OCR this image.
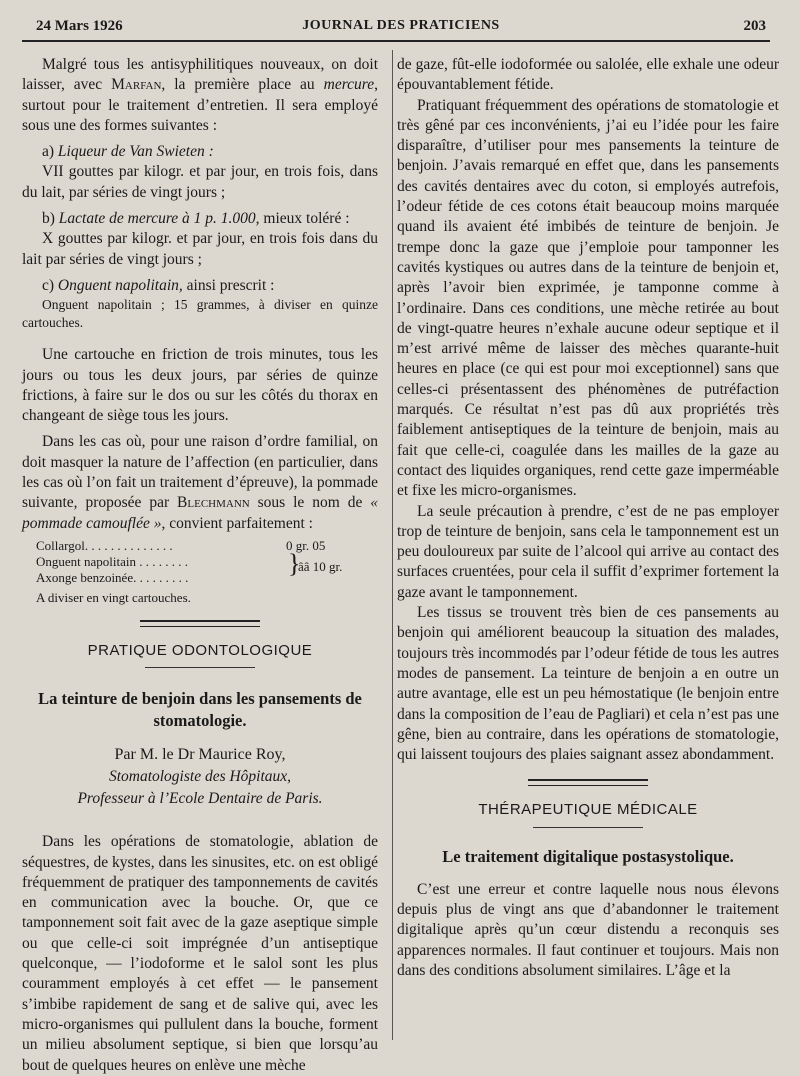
24 Mars 1926	JOURNAL DES PRATICIENS	203

Malgré tous les antisyphilitiques nouveaux, on doit laisser, avec Marfan, la première place au mercure, surtout pour le traitement d’entretien. Il sera employé sous une des formes suivantes :

a) Liqueur de Van Swieten :

VII gouttes par kilogr. et par jour, en trois fois, dans du lait, par séries de vingt jours ;

b) Lactate de mercure à 1 p. 1.000, mieux toléré :

X gouttes par kilogr. et par jour, en trois fois dans du lait par séries de vingt jours ;

c) Onguent napolitain, ainsi prescrit :

Onguent napolitain ; 15 grammes, à diviser en quinze cartouches.

Une cartouche en friction de trois minutes, tous les jours ou tous les deux jours, par séries de quinze frictions, à faire sur le dos ou sur les côtés du thorax en changeant de siège tous les jours.

Dans les cas où, pour une raison d’ordre familial, on doit masquer la nature de l’affection (en particulier, dans les cas où l’on fait un traitement d’épreuve), la pommade suivante, proposée par Blechmann sous le nom de « pommade camouflée », convient parfaitement :

Collargol. . . . . . . . . . . . . .	0 gr. 05
Onguent napolitain . . . . . . . .
Axonge benzoinée. . . . . . . . .	}
ââ 10 gr.
A diviser en vingt cartouches.
PRATIQUE ODONTOLOGIQUE
La teinture de benjoin dans les pansements de stomatologie.
Par M. le Dr Maurice Roy,
Stomatologiste des Hôpitaux,
Professeur à l’Ecole Dentaire de Paris.

Dans les opérations de stomatologie, ablation de séquestres, de kystes, dans les sinusites, etc. on est obligé fréquemment de pratiquer des tamponnements de cavités en communication avec la bouche. Or, que ce tamponnement soit fait avec de la gaze aseptique simple ou que celle-ci soit imprégnée d’un antiseptique quelconque, — l’iodoforme et le salol sont les plus couramment employés à cet effet — le pansement s’imbibe rapidement de sang et de salive qui, avec les micro-organismes qui pullulent dans la bouche, forment un milieu absolument septique, si bien que lorsqu’au bout de quelques heures on enlève une mèche

de gaze, fût-elle iodoformée ou salolée, elle exhale une odeur épouvantablement fétide.

Pratiquant fréquemment des opérations de stomatologie et très gêné par ces inconvénients, j’ai eu l’idée pour les faire disparaître, d’utiliser pour mes pansements la teinture de benjoin. J’avais remarqué en effet que, dans les pansements des cavités dentaires avec du coton, si employés autrefois, l’odeur fétide de ces cotons était beaucoup moins marquée quand ils avaient été imbibés de teinture de benjoin. Je trempe donc la gaze que j’emploie pour tamponner les cavités kystiques ou autres dans de la teinture de benjoin et, après l’avoir bien exprimée, je tamponne comme à l’ordinaire. Dans ces conditions, une mèche retirée au bout de vingt-quatre heures n’exhale aucune odeur septique et il m’est arrivé même de laisser des mèches quarante-huit heures en place (ce qui est pour moi exceptionnel) sans que celles-ci présentassent des phénomènes de putréfaction marqués. Ce résultat n’est pas dû aux propriétés très faiblement antiseptiques de la teinture de benjoin, mais au fait que celle-ci, coagulée dans les mailles de la gaze au contact des liquides organiques, rend cette gaze imperméable et fixe les micro-organismes.

La seule précaution à prendre, c’est de ne pas employer trop de teinture de benjoin, sans cela le tamponnement est un peu douloureux par suite de l’alcool qui arrive au contact des surfaces cruentées, pour cela il suffit d’exprimer fortement la gaze avant le tamponnement.

Les tissus se trouvent très bien de ces pansements au benjoin qui améliorent beaucoup la situation des malades, toujours très incommodés par l’odeur fétide de tous les autres modes de pansement. La teinture de benjoin a en outre un autre avantage, elle est un peu hémostatique (le benjoin entre dans la composition de l’eau de Pagliari) et cela n’est pas une gêne, bien au contraire, dans les opérations de stomatologie, qui laissent toujours des plaies saignant assez abondamment.

THÉRAPEUTIQUE MÉDICALE
Le traitement digitalique postasystolique.

C’est une erreur et contre laquelle nous nous élevons depuis plus de vingt ans que d’abandonner le traitement digitalique après qu’un cœur distendu a reconquis ses apparences normales. Il faut continuer et toujours. Mais non dans des conditions absolument similaires. L’âge et la
